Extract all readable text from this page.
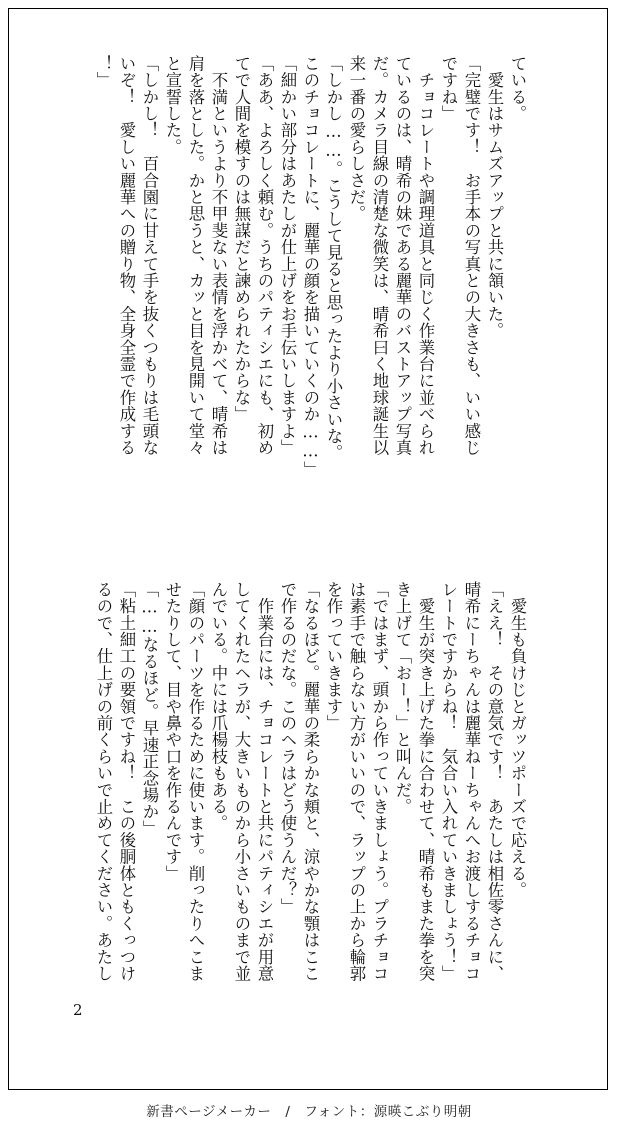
ている。
　愛生はサムズアップと共に頷いた。
「完璧です！　お手本の写真との大きさも、いい感じ
ですね」
　チョコレートや調理道具と同じく作業台に並べられ
ているのは、晴希の妹である麗華のバストアップ写真
だ。カメラ目線の清楚な微笑は、晴希曰く地球誕生以
来一番の愛らしさだ。
「しかし……。こうして見ると思ったより小さいな。
このチョコレートに、麗華の顔を描いていくのか……」
「細かい部分はあたしが仕上げをお手伝いしますよ」
「ああ、よろしく頼む。うちのパティシエにも、初め
てで人間を模すのは無謀だと諫められたからな」
　不満というより不甲斐ない表情を浮かべて、晴希は
肩を落とした。かと思うと、カッと目を見開いて堂々
と宣誓した。
「しかし！　百合園に甘えて手を抜くつもりは毛頭な
いぞ！　愛しい麗華への贈り物、全身全霊で作成する
！」
　愛生も負けじとガッツポーズで応える。
「ええ！　その意気です！　あたしは相佐零さんに、
晴希にーちゃんは麗華ねーちゃんへお渡しするチョコ
レートですからね！　気合い入れていきましょう！」
　愛生が突き上げた拳に合わせて、晴希もまた拳を突
き上げて「おー！」と叫んだ。
「ではまず、頭から作っていきましょう。プラチョコ
は素手で触らない方がいいので、ラップの上から輪郭
を作っていきます」
「なるほど。麗華の柔らかな頬と、涼やかな顎はここ
で作るのだな。このヘラはどう使うんだ？」
　作業台には、チョコレートと共にパティシエが用意
してくれたヘラが、大きいものから小さいものまで並
んでいる。中には爪楊枝もある。
「顔のパーツを作るために使います。削ったりへこま
せたりして、目や鼻や口を作るんです」
「……なるほど。早速正念場か」
「粘土細工の要領ですね！　この後胴体ともくっつけ
るので、仕上げの前くらいで止めてください。あたし
2
新書ページメーカー　/　フォント：源暎こぶり明朝
